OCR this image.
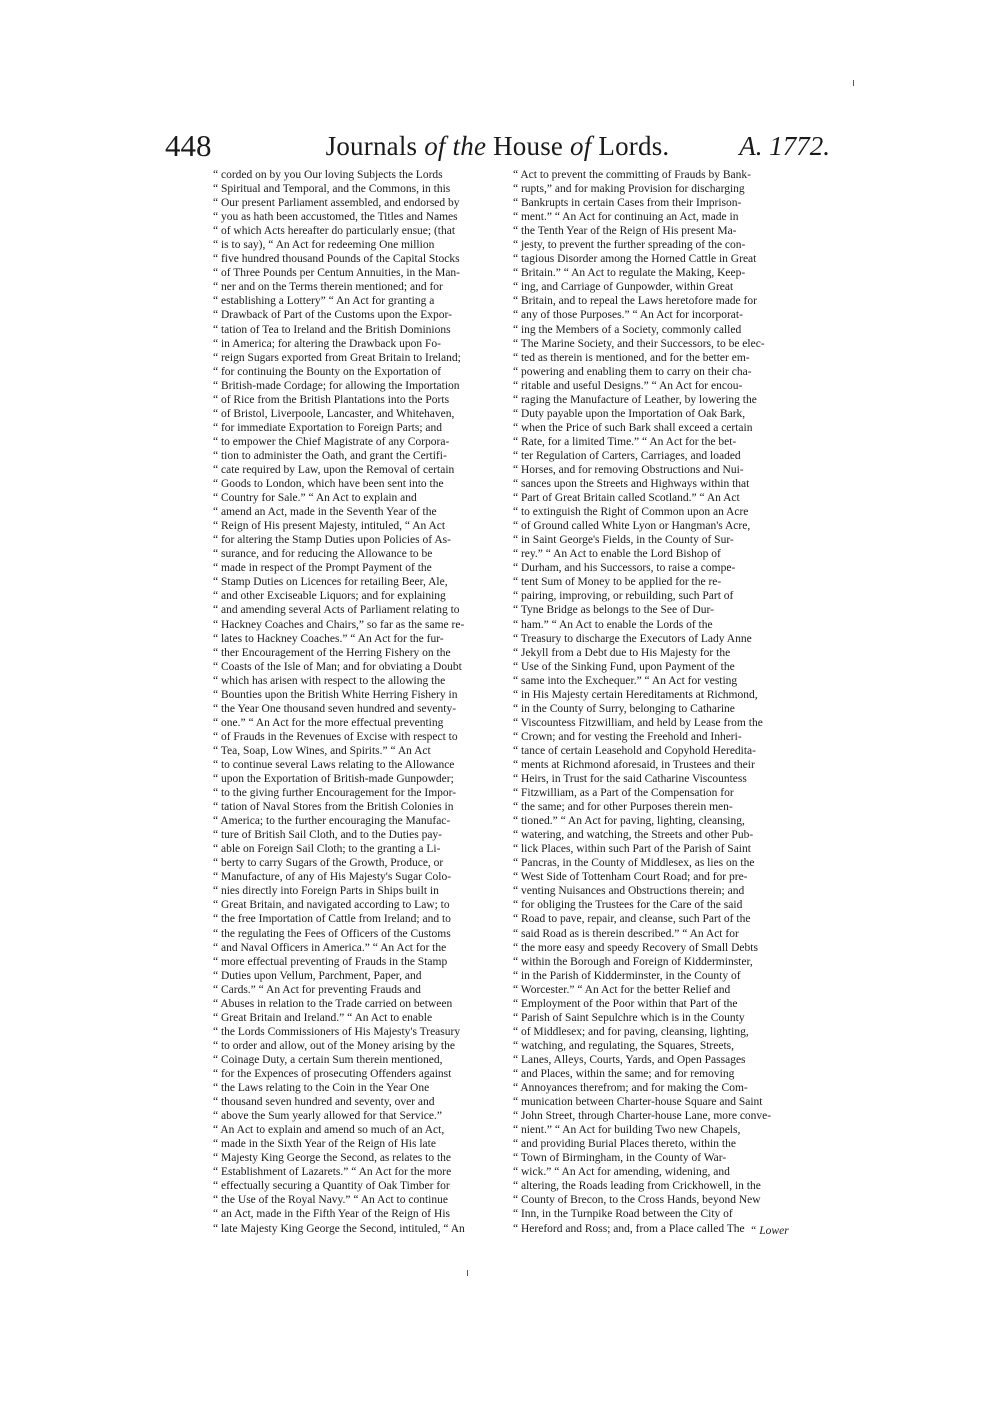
448	Journals of the House of Lords.	A. 1772.
“ corded on by you Our loving Subjects the Lords
“ Spiritual and Temporal, and the Commons, in this
“ Our present Parliament assembled, and endorsed by
“ you as hath been accustomed, the Titles and Names
“ of which Acts hereafter do particularly ensue; (that
“ is to say), “ An Act for redeeming One million
“ five hundred thousand Pounds of the Capital Stocks
“ of Three Pounds per Centum Annuities, in the Man-
“ ner and on the Terms therein mentioned; and for
“ establishing a Lottery” “ An Act for granting a
“ Drawback of Part of the Customs upon the Expor-
“ tation of Tea to Ireland and the British Dominions
“ in America; for altering the Drawback upon Fo-
“ reign Sugars exported from Great Britain to Ireland;
“ for continuing the Bounty on the Exportation of
“ British-made Cordage; for allowing the Importation
“ of Rice from the British Plantations into the Ports
“ of Bristol, Liverpoole, Lancaster, and Whitehaven,
“ for immediate Exportation to Foreign Parts; and
“ to empower the Chief Magistrate of any Corpora-
“ tion to administer the Oath, and grant the Certifi-
“ cate required by Law, upon the Removal of certain
“ Goods to London, which have been sent into the
“ Country for Sale.” “ An Act to explain and
“ amend an Act, made in the Seventh Year of the
“ Reign of His present Majesty, intituled, “ An Act
“ for altering the Stamp Duties upon Policies of As-
“ surance, and for reducing the Allowance to be
“ made in respect of the Prompt Payment of the
“ Stamp Duties on Licences for retailing Beer, Ale,
“ and other Exciseable Liquors; and for explaining
“ and amending several Acts of Parliament relating to
“ Hackney Coaches and Chairs,” so far as the same re-
“ lates to Hackney Coaches.” “ An Act for the fur-
“ ther Encouragement of the Herring Fishery on the
“ Coasts of the Isle of Man; and for obviating a Doubt
“ which has arisen with respect to the allowing the
“ Bounties upon the British White Herring Fishery in
“ the Year One thousand seven hundred and seventy-
“ one.” “ An Act for the more effectual preventing
“ of Frauds in the Revenues of Excise with respect to
“ Tea, Soap, Low Wines, and Spirits.” “ An Act
“ to continue several Laws relating to the Allowance
“ upon the Exportation of British-made Gunpowder;
“ to the giving further Encouragement for the Impor-
“ tation of Naval Stores from the British Colonies in
“ America; to the further encouraging the Manufac-
“ ture of British Sail Cloth, and to the Duties pay-
“ able on Foreign Sail Cloth; to the granting a Li-
“ berty to carry Sugars of the Growth, Produce, or
“ Manufacture, of any of His Majesty's Sugar Colo-
“ nies directly into Foreign Parts in Ships built in
“ Great Britain, and navigated according to Law; to
“ the free Importation of Cattle from Ireland; and to
“ the regulating the Fees of Officers of the Customs
“ and Naval Officers in America.” “ An Act for the
“ more effectual preventing of Frauds in the Stamp
“ Duties upon Vellum, Parchment, Paper, and
“ Cards.” “ An Act for preventing Frauds and
“ Abuses in relation to the Trade carried on between
“ Great Britain and Ireland.” “ An Act to enable
“ the Lords Commissioners of His Majesty's Treasury
“ to order and allow, out of the Money arising by the
“ Coinage Duty, a certain Sum therein mentioned,
“ for the Expences of prosecuting Offenders against
“ the Laws relating to the Coin in the Year One
“ thousand seven hundred and seventy, over and
“ above the Sum yearly allowed for that Service.”
“ An Act to explain and amend so much of an Act,
“ made in the Sixth Year of the Reign of His late
“ Majesty King George the Second, as relates to the
“ Establishment of Lazarets.” “ An Act for the more
“ effectually securing a Quantity of Oak Timber for
“ the Use of the Royal Navy.” “ An Act to continue
“ an Act, made in the Fifth Year of the Reign of His
“ late Majesty King George the Second, intituled, “ An
“ Act to prevent the committing of Frauds by Bank-
“ rupts,” and for making Provision for discharging
“ Bankrupts in certain Cases from their Imprison-
“ ment.” “ An Act for continuing an Act, made in
“ the Tenth Year of the Reign of His present Ma-
“ jesty, to prevent the further spreading of the con-
“ tagious Disorder among the Horned Cattle in Great
“ Britain.” “ An Act to regulate the Making, Keep-
“ ing, and Carriage of Gunpowder, within Great
“ Britain, and to repeal the Laws heretofore made for
“ any of those Purposes.” “ An Act for incorporat-
“ ing the Members of a Society, commonly called
“ The Marine Society, and their Successors, to be elec-
“ ted as therein is mentioned, and for the better em-
“ powering and enabling them to carry on their cha-
“ ritable and useful Designs.” “ An Act for encou-
“ raging the Manufacture of Leather, by lowering the
“ Duty payable upon the Importation of Oak Bark,
“ when the Price of such Bark shall exceed a certain
“ Rate, for a limited Time.” “ An Act for the bet-
“ ter Regulation of Carters, Carriages, and loaded
“ Horses, and for removing Obstructions and Nui-
“ sances upon the Streets and Highways within that
“ Part of Great Britain called Scotland.” “ An Act
“ to extinguish the Right of Common upon an Acre
“ of Ground called White Lyon or Hangman's Acre,
“ in Saint George's Fields, in the County of Sur-
“ rey.” “ An Act to enable the Lord Bishop of
“ Durham, and his Successors, to raise a compe-
“ tent Sum of Money to be applied for the re-
“ pairing, improving, or rebuilding, such Part of
“ Tyne Bridge as belongs to the See of Dur-
“ ham.” “ An Act to enable the Lords of the
“ Treasury to discharge the Executors of Lady Anne
“ Jekyll from a Debt due to His Majesty for the
“ Use of the Sinking Fund, upon Payment of the
“ same into the Exchequer.” “ An Act for vesting
“ in His Majesty certain Hereditaments at Richmond,
“ in the County of Surry, belonging to Catharine
“ Viscountess Fitzwilliam, and held by Lease from the
“ Crown; and for vesting the Freehold and Inheri-
“ tance of certain Leasehold and Copyhold Heredita-
“ ments at Richmond aforesaid, in Trustees and their
“ Heirs, in Trust for the said Catharine Viscountess
“ Fitzwilliam, as a Part of the Compensation for
“ the same; and for other Purposes therein men-
“ tioned.” “ An Act for paving, lighting, cleansing,
“ watering, and watching, the Streets and other Pub-
“ lick Places, within such Part of the Parish of Saint
“ Pancras, in the County of Middlesex, as lies on the
“ West Side of Tottenham Court Road; and for pre-
“ venting Nuisances and Obstructions therein; and
“ for obliging the Trustees for the Care of the said
“ Road to pave, repair, and cleanse, such Part of the
“ said Road as is therein described.” “ An Act for
“ the more easy and speedy Recovery of Small Debts
“ within the Borough and Foreign of Kidderminster,
“ in the Parish of Kidderminster, in the County of
“ Worcester.” “ An Act for the better Relief and
“ Employment of the Poor within that Part of the
“ Parish of Saint Sepulchre which is in the County
“ of Middlesex; and for paving, cleansing, lighting,
“ watching, and regulating, the Squares, Streets,
“ Lanes, Alleys, Courts, Yards, and Open Passages
“ and Places, within the same; and for removing
“ Annoyances therefrom; and for making the Com-
“ munication between Charter-house Square and Saint
“ John Street, through Charter-house Lane, more conve-
“ nient.” “ An Act for building Two new Chapels,
“ and providing Burial Places thereto, within the
“ Town of Birmingham, in the County of War-
“ wick.” “ An Act for amending, widening, and
“ altering, the Roads leading from Crickhowell, in the
“ County of Brecon, to the Cross Hands, beyond New
“ Inn, in the Turnpike Road between the City of
“ Hereford and Ross; and, from a Place called The “ Lower
